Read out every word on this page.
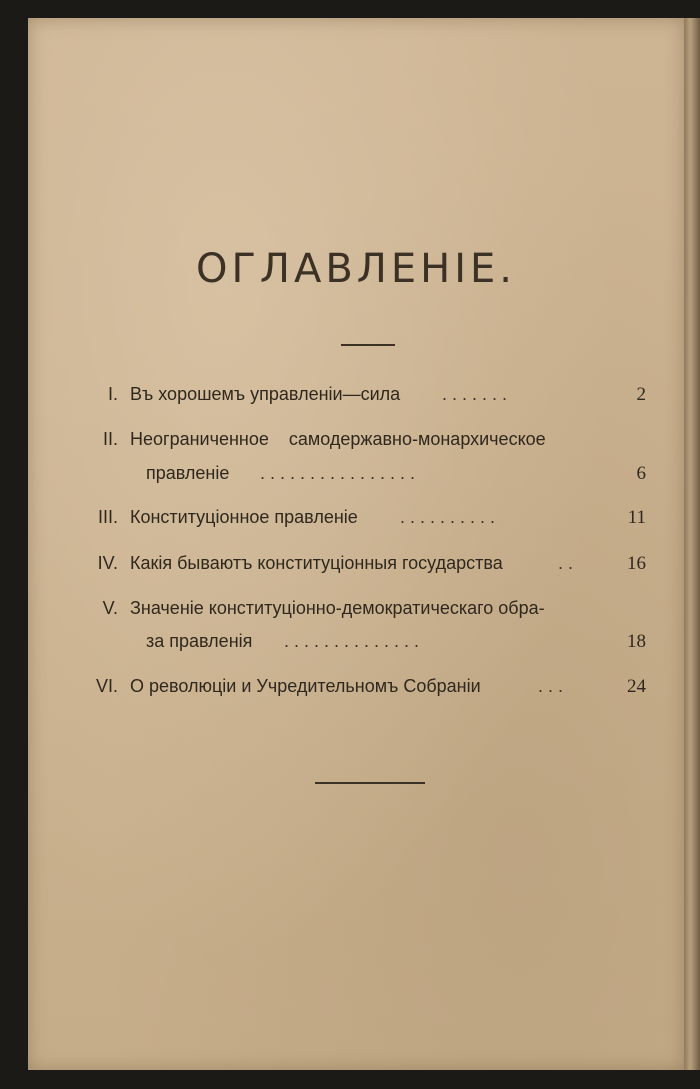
ОГЛАВЛЕНІЕ.
I. Въ хорошемъ управленіи—сила . . . . . . .	2
II. Неограниченное    самодержавно-монархическое
правленіе . . . . . . . . . . . . . . . .	6
III. Конституціонное правленіе . . . . . . . . . .	11
IV. Какія бываютъ конституціонныя государства	. .	16
V. Значеніе конституціонно-демократическаго обра-
за правленія . . . . . . . . . . . . . .	18
VI. О революціи и Учредительномъ Собраніи	. . .	24
